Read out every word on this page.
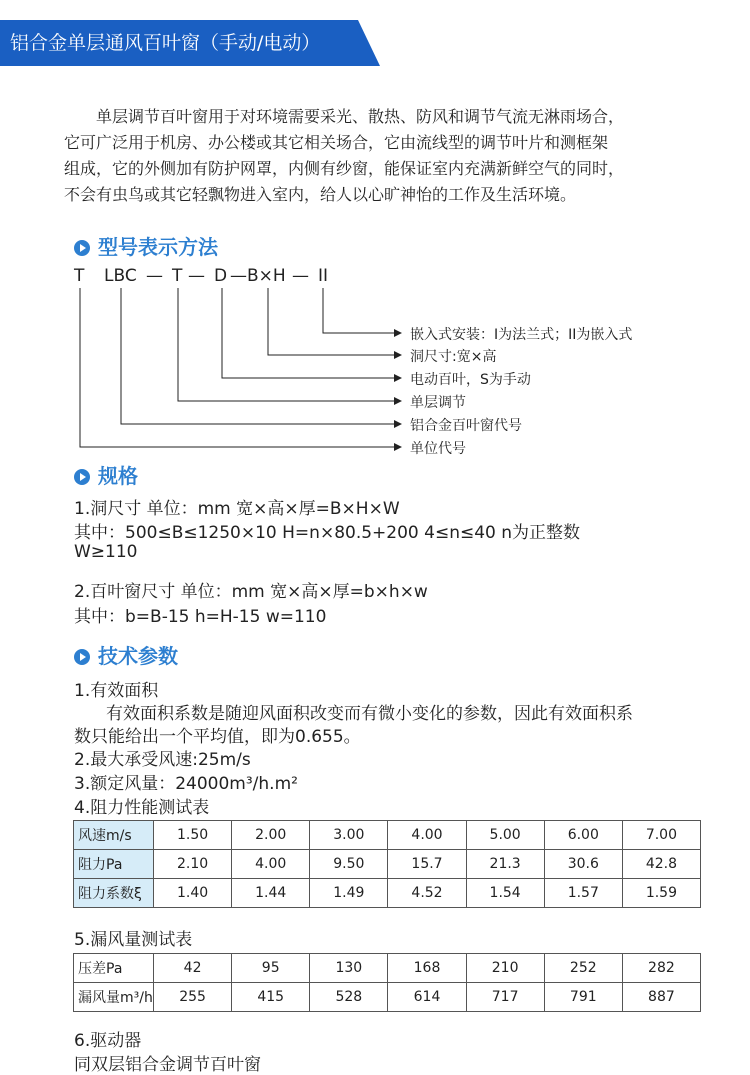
铝合金单层通风百叶窗（手动/电动）
单层调节百叶窗用于对环境需要采光、散热、防风和调节气流无淋雨场合，
它可广泛用于机房、办公楼或其它相关场合，它由流线型的调节叶片和测框架
组成，它的外侧加有防护网罩，内侧有纱窗，能保证室内充满新鲜空气的同时，
不会有虫鸟或其它轻飘物进入室内，给人以心旷神怡的工作及生活环境。
型号表示方法
T LBC — T — D —B×H — II
嵌入式安装：I为法兰式；II为嵌入式
洞尺寸:宽×高
电动百叶，S为手动
单层调节
铝合金百叶窗代号
单位代号
规格
1.洞尺寸 单位：mm 宽×高×厚=B×H×W
其中：500≤B≤1250×10 H=n×80.5+200 4≤n≤40 n为正整数
W≥110
2.百叶窗尺寸 单位：mm 宽×高×厚=b×h×w
其中：b=B-15 h=H-15 w=110
技术参数
1.有效面积
有效面积系数是随迎风面积改变而有微小变化的参数，因此有效面积系
数只能给出一个平均值，即为0.655。
2.最大承受风速:25m/s
3.额定风量：24000m³/h.m²
4.阻力性能测试表
风速m/s	1.50	2.00	3.00	4.00	5.00	6.00	7.00
阻力Pa	2.10	4.00	9.50	15.7	21.3	30.6	42.8
阻力系数ξ	1.40	1.44	1.49	4.52	1.54	1.57	1.59
5.漏风量测试表
压差Pa	42	95	130	168	210	252	282
漏风量m³/h	255	415	528	614	717	791	887
6.驱动器
同双层铝合金调节百叶窗
